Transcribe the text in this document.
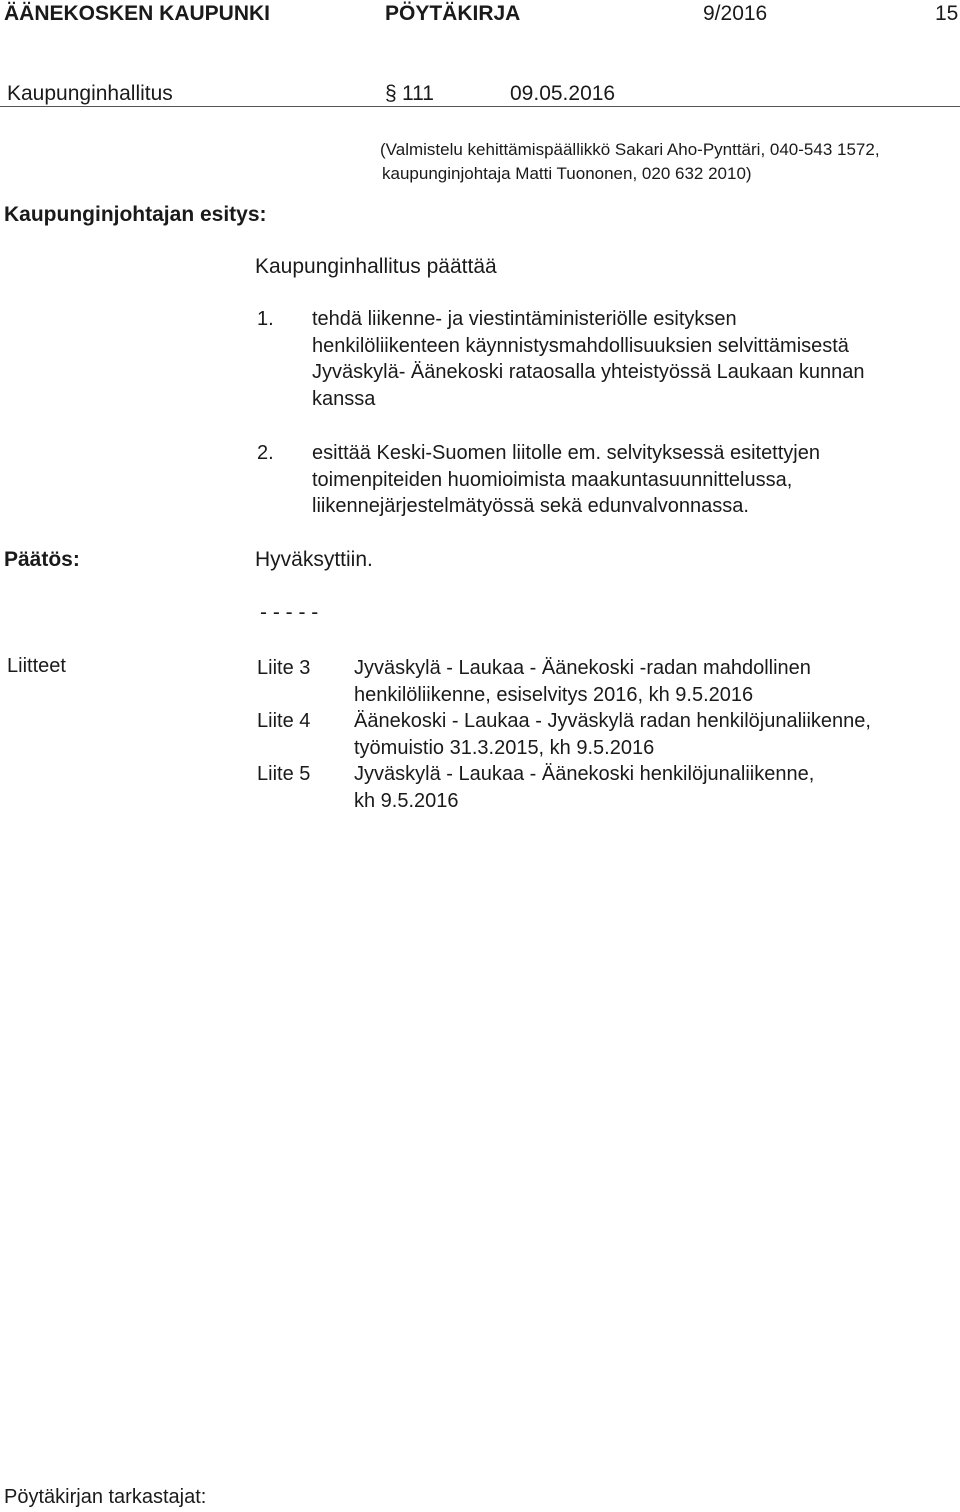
ÄÄNEKOSKEN KAUPUNKI	PÖYTÄKIRJA	9/2016	15
Kaupunginhallitus	§ 111	09.05.2016
(Valmistelu kehittämispäällikkö Sakari Aho-Pynttäri, 040-543 1572,
kaupunginjohtaja Matti Tuononen, 020 632 2010)
Kaupunginjohtajan esitys:
Kaupunginhallitus päättää
1. tehdä liikenne- ja viestintäministeriölle esityksen
henkilöliikenteen käynnistysmahdollisuuksien selvittämisestä
Jyväskylä- Äänekoski rataosalla yhteistyössä Laukaan kunnan
kanssa
2. esittää Keski-Suomen liitolle em. selvityksessä esitettyjen
toimenpiteiden huomioimista maakuntasuunnittelussa,
liikennejärjestelmätyössä sekä edunvalvonnassa.
Päätös:	Hyväksyttiin.
- - - - -
Liitteet	Liite 3 Jyväskylä - Laukaa - Äänekoski -radan mahdollinen
henkilöliikenne, esiselvitys 2016, kh 9.5.2016
Liite 4 Äänekoski - Laukaa - Jyväskylä radan henkilöjunaliikenne,
työmuistio 31.3.2015, kh 9.5.2016
Liite 5 Jyväskylä - Laukaa - Äänekoski henkilöjunaliikenne,
kh 9.5.2016
Pöytäkirjan tarkastajat:
